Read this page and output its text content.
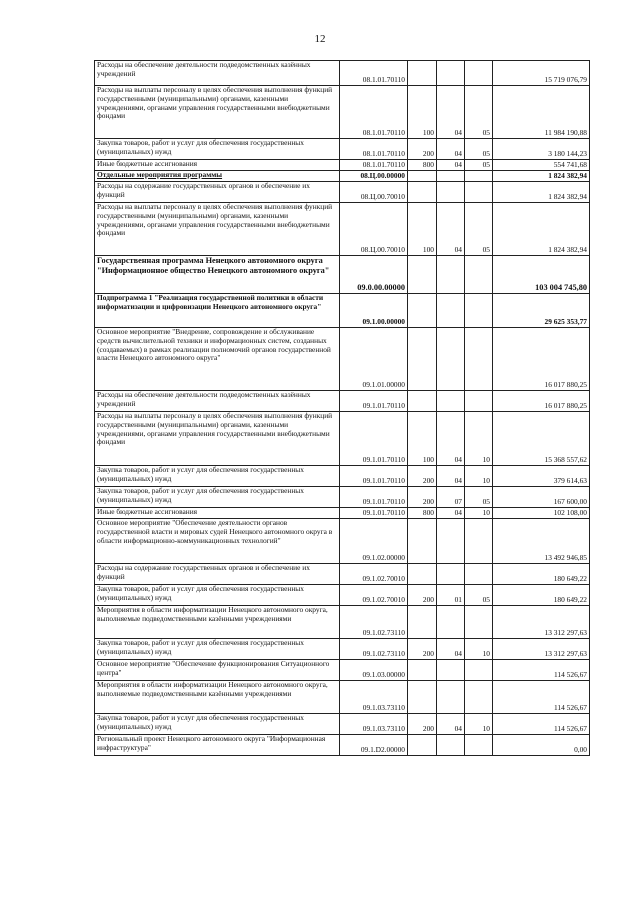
12
Расходы на обеспечение деятельности подведомственных казённых учреждений	08.1.01.70110				15 719 076,79
Расходы на выплаты персоналу в целях обеспечения выполнения функций государственными (муниципальными) органами, казенными учреждениями, органами управления государственными внебюджетными фондами	08.1.01.70110	100	04	05	11 984 190,88
Закупка товаров, работ и услуг для обеспечения государственных (муниципальных) нужд	08.1.01.70110	200	04	05	3 180 144,23
Иные бюджетные ассигнования	08.1.01.70110	800	04	05	554 741,68
Отдельные мероприятия программы	08.Ц.00.00000				1 824 382,94
Расходы на содержание государственных органов и обеспечение их функций	08.Ц.00.70010				1 824 382,94
Расходы на выплаты персоналу в целях обеспечения выполнения функций государственными (муниципальными) органами, казенными учреждениями, органами управления государственными внебюджетными фондами	08.Ц.00.70010	100	04	05	1 824 382,94
Государственная программа Ненецкого автономного округа "Информационное общество Ненецкого автономного округа"	09.0.00.00000				103 004 745,80
Подпрограмма 1 "Реализация государственной политики в области информатизации и цифровизации Ненецкого автономного округа"	09.1.00.00000				29 625 353,77
Основное мероприятие "Внедрение, сопровождение и обслуживание средств вычислительной техники и информационных систем, созданных (создаваемых) в рамках реализации полномочий органов государственной власти Ненецкого автономного округа"	09.1.01.00000				16 017 880,25
Расходы на обеспечение деятельности подведомственных казённых учреждений	09.1.01.70110				16 017 880,25
Расходы на выплаты персоналу в целях обеспечения выполнения функций государственными (муниципальными) органами, казенными учреждениями, органами управления государственными внебюджетными фондами	09.1.01.70110	100	04	10	15 368 557,62
Закупка товаров, работ и услуг для обеспечения государственных (муниципальных) нужд	09.1.01.70110	200	04	10	379 614,63
Закупка товаров, работ и услуг для обеспечения государственных (муниципальных) нужд	09.1.01.70110	200	07	05	167 600,00
Иные бюджетные ассигнования	09.1.01.70110	800	04	10	102 108,00
Основное мероприятие "Обеспечение деятельности органов государственной власти и мировых судей Ненецкого автономного округа в области информационно-коммуникационных технологий"	09.1.02.00000				13 492 946,85
Расходы на содержание государственных органов и обеспечение их функций	09.1.02.70010				180 649,22
Закупка товаров, работ и услуг для обеспечения государственных (муниципальных) нужд	09.1.02.70010	200	01	05	180 649,22
Мероприятия в области информатизации Ненецкого автономного округа, выполняемые подведомственными казёнными учреждениями	09.1.02.73110				13 312 297,63
Закупка товаров, работ и услуг для обеспечения государственных (муниципальных) нужд	09.1.02.73110	200	04	10	13 312 297,63
Основное мероприятие "Обеспечение функционирования Ситуационного центра"	09.1.03.00000				114 526,67
Мероприятия в области информатизации Ненецкого автономного округа, выполняемые подведомственными казёнными учреждениями	09.1.03.73110				114 526,67
Закупка товаров, работ и услуг для обеспечения государственных (муниципальных) нужд	09.1.03.73110	200	04	10	114 526,67
Региональный проект Ненецкого автономного округа "Информационная инфраструктура"	09.1.D2.00000				0,00
